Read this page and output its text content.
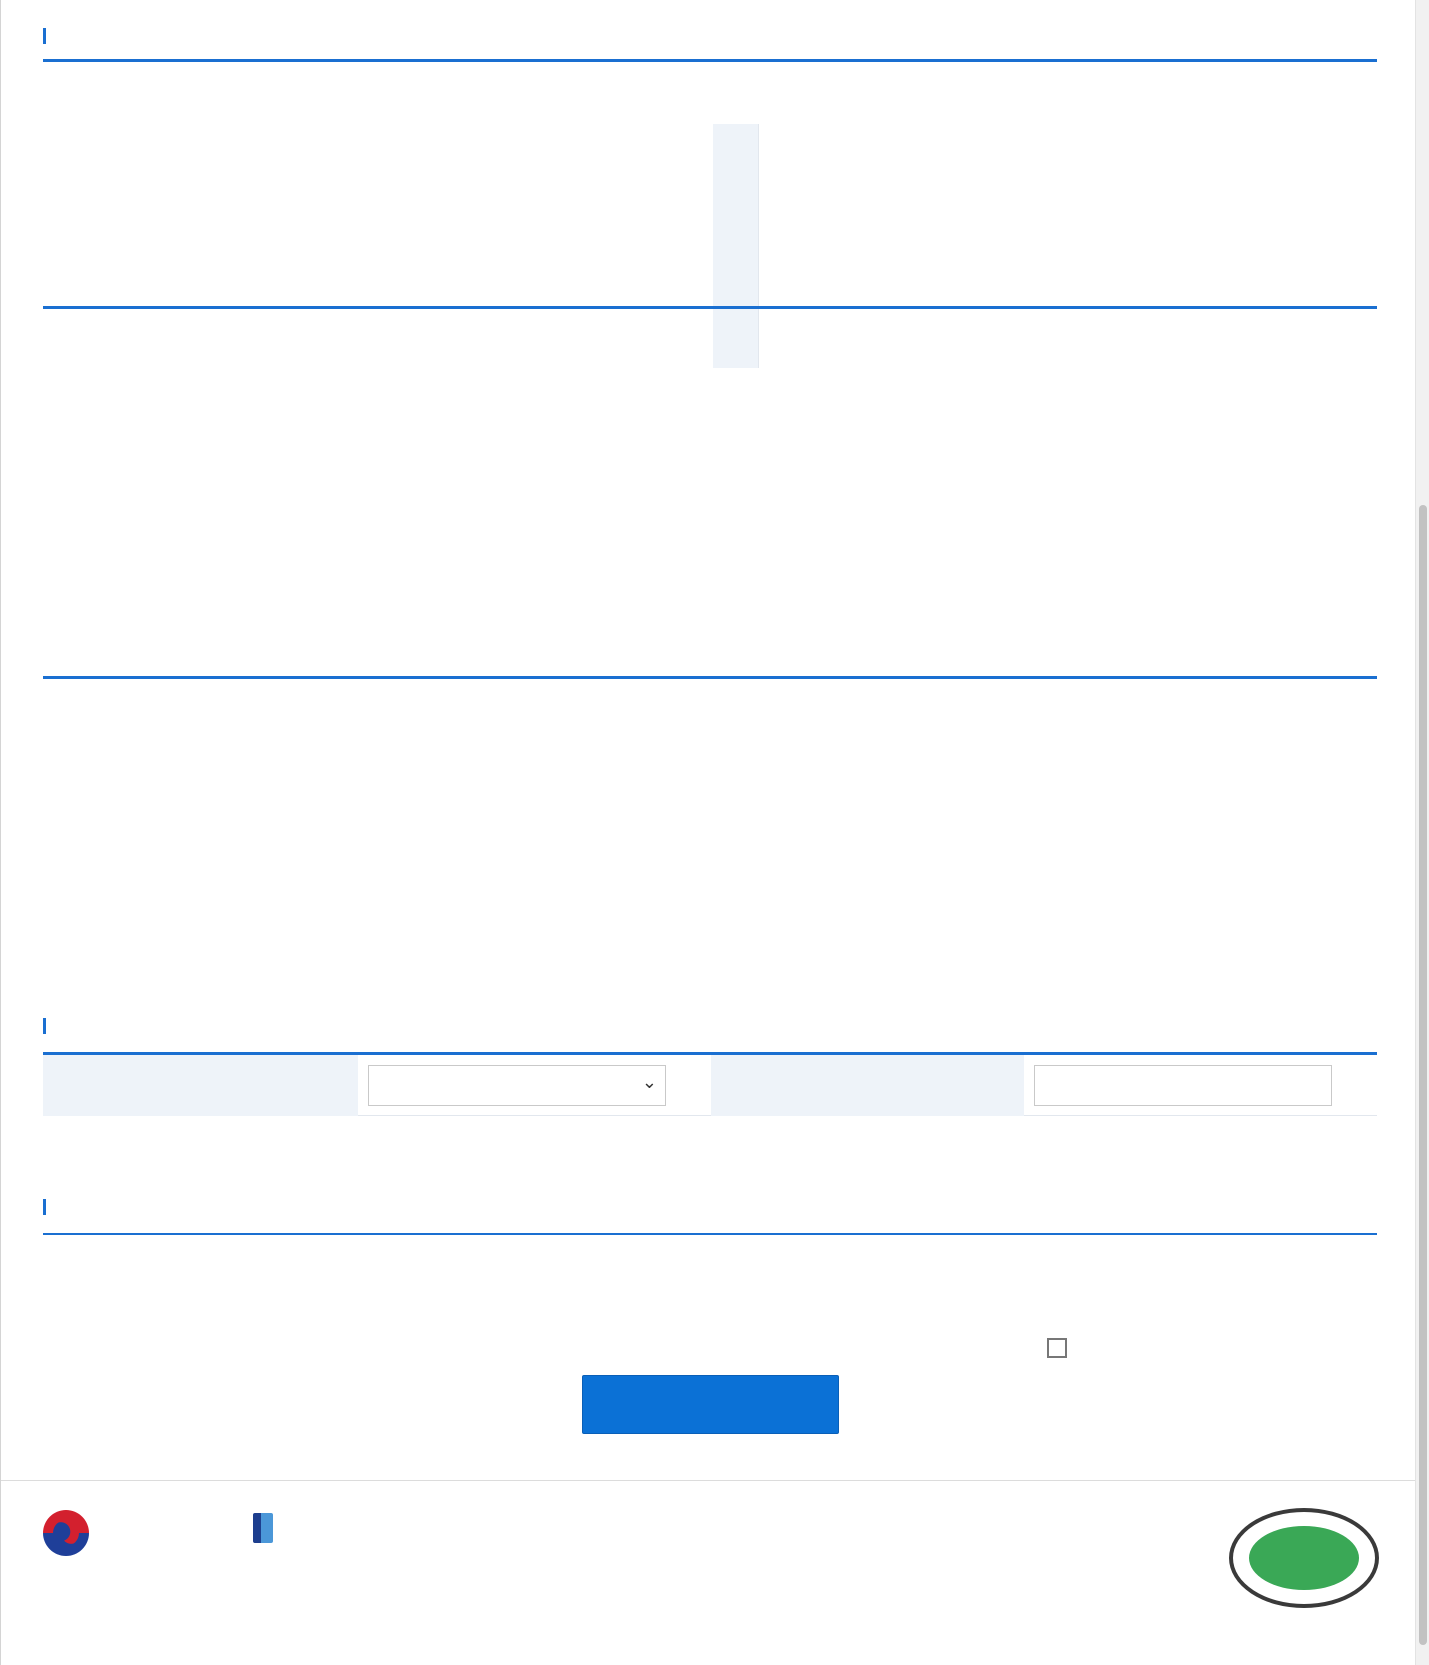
⌄
